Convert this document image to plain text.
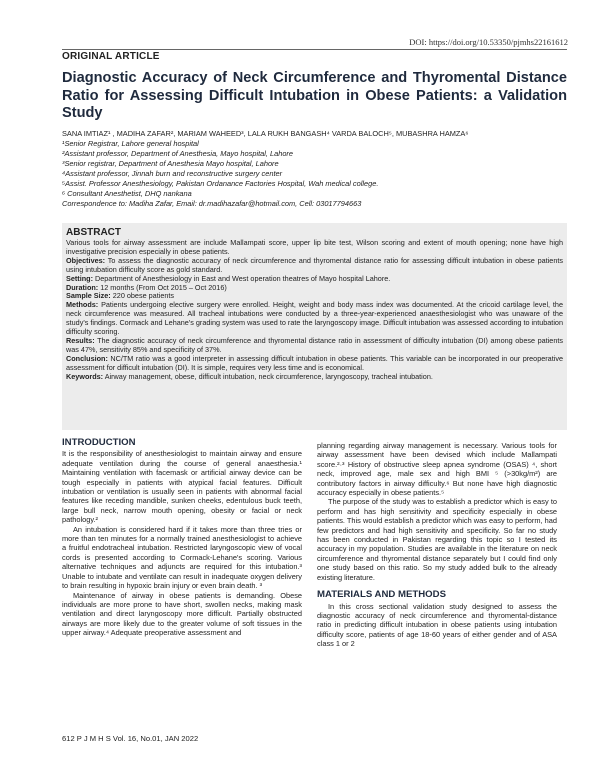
DOI: https://doi.org/10.53350/pjmhs22161612
ORIGINAL ARTICLE
Diagnostic Accuracy of Neck Circumference and Thyromental Distance Ratio for Assessing Difficult Intubation in Obese Patients: a Validation Study
SANA IMTIAZ¹ , MADIHA ZAFAR², MARIAM WAHEED³, LALA RUKH BANGASH⁴ VARDA BALOCH⁵, MUBASHRA HAMZA⁶
¹Senior Registrar, Lahore general hospital
²Assistant professor, Department of Anesthesia, Mayo hospital, Lahore
³Senior registrar, Department of Anesthesia Mayo hospital, Lahore
⁴Assistant professor, Jinnah burn and reconstructive surgery center
⁵Assist. Professor Anesthesiology, Pakistan Ordanance Factories Hospital, Wah medical college.
⁶ Consultant Anesthetist, DHQ nankana
Correspondence to: Madiha Zafar, Email: dr.madihazafar@hotmail.com, Cell: 03017794663
ABSTRACT

Various tools for airway assessment are include Mallampati score, upper lip bite test, Wilson scoring and extent of mouth opening; none have high investigative precision especially in obese patients.

Objectives: To assess the diagnostic accuracy of neck circumference and thyromental distance ratio for assessing difficult intubation in obese patients using intubation difficulty score as gold standard.

Setting: Department of Anesthesiology in East and West operation theatres of Mayo hospital Lahore.

Duration: 12 months (From Oct 2015 – Oct 2016)

Sample Size: 220 obese patients

Methods: Patients undergoing elective surgery were enrolled. Height, weight and body mass index was documented. At the cricoid cartilage level, the neck circumference was measured. All tracheal intubations were conducted by a three-year-experienced anaesthesiologist who was unaware of the study's findings. Cormack and Lehane's grading system was used to rate the laryngoscopy image. Difficult intubation was assessed according to intubation difficulty scoring.

Results: The diagnostic accuracy of neck circumference and thyromental distance ratio in assessment of difficulty intubation (DI) among obese patients was 47%, sensitivity 85% and specificity of 37%.

Conclusion: NC/TM ratio was a good interpreter in assessing difficult intubation in obese patients. This variable can be incorporated in our preoperative assessment for difficult intubation (DI). It is simple, requires very less time and is economical.

Keywords: Airway management, obese, difficult intubation, neck circumference, laryngoscopy, tracheal intubation.

INTRODUCTION

It is the responsibility of anesthesiologist to maintain airway and ensure adequate ventilation during the course of general anaesthesia.¹ Maintaining ventilation with facemask or artificial airway device can be tough especially in patients with atypical facial features. Difficult intubation or ventilation is usually seen in patients with abnormal facial features like receding mandible, sunken cheeks, edentulous buck teeth, large bull neck, narrow mouth opening, obesity or facial or neck pathology.²

An intubation is considered hard if it takes more than three tries or more than ten minutes for a normally trained anesthesiologist to achieve a fruitful endotracheal intubation. Restricted laryngoscopic view of vocal cords is presented according to Cormack-Lehane's scoring. Various alternative techniques and adjuncts are required for this intubation.³ Unable to intubate and ventilate can result in inadequate oxygen delivery to brain resulting in hypoxic brain injury or even brain death. ³

Maintenance of airway in obese patients is demanding. Obese individuals are more prone to have short, swollen necks, making mask ventilation and direct laryngoscopy more difficult. Partially obstructed airways are more likely due to the greater volume of soft tissues in the upper airway.⁴ Adequate preoperative assessment and

planning regarding airway management is necessary. Various tools for airway assessment have been devised which include Mallampati score.²·³ History of obstructive sleep apnea syndrome (OSAS) ⁴, short neck, improved age, male sex and high BMI ⁵ (>30kg/m²) are contributory factors in airway difficulty.⁶ But none have high diagnostic accuracy especially in obese patients.⁵

The purpose of the study was to establish a predictor which is easy to perform and has high sensitivity and specificity especially in obese patients. This would establish a predictor which was easy to perform, had few predictors and had high sensitivity and specificity. So far no study has been conducted in Pakistan regarding this topic so I tested its accuracy in my population. Studies are available in the literature on neck circumference and thyromental distance separately but I could find only one study based on this ratio. So my study added bulk to the already existing literature.

MATERIALS AND METHODS

In this cross sectional validation study designed to assess the diagnostic accuracy of neck circumference and thyromental-distance ratio in predicting difficult intubation in obese patients using intubation difficulty score, patients of age 18-60 years of either gender and of ASA class 1 or 2

612 P J M H S Vol. 16, No.01, JAN 2022
